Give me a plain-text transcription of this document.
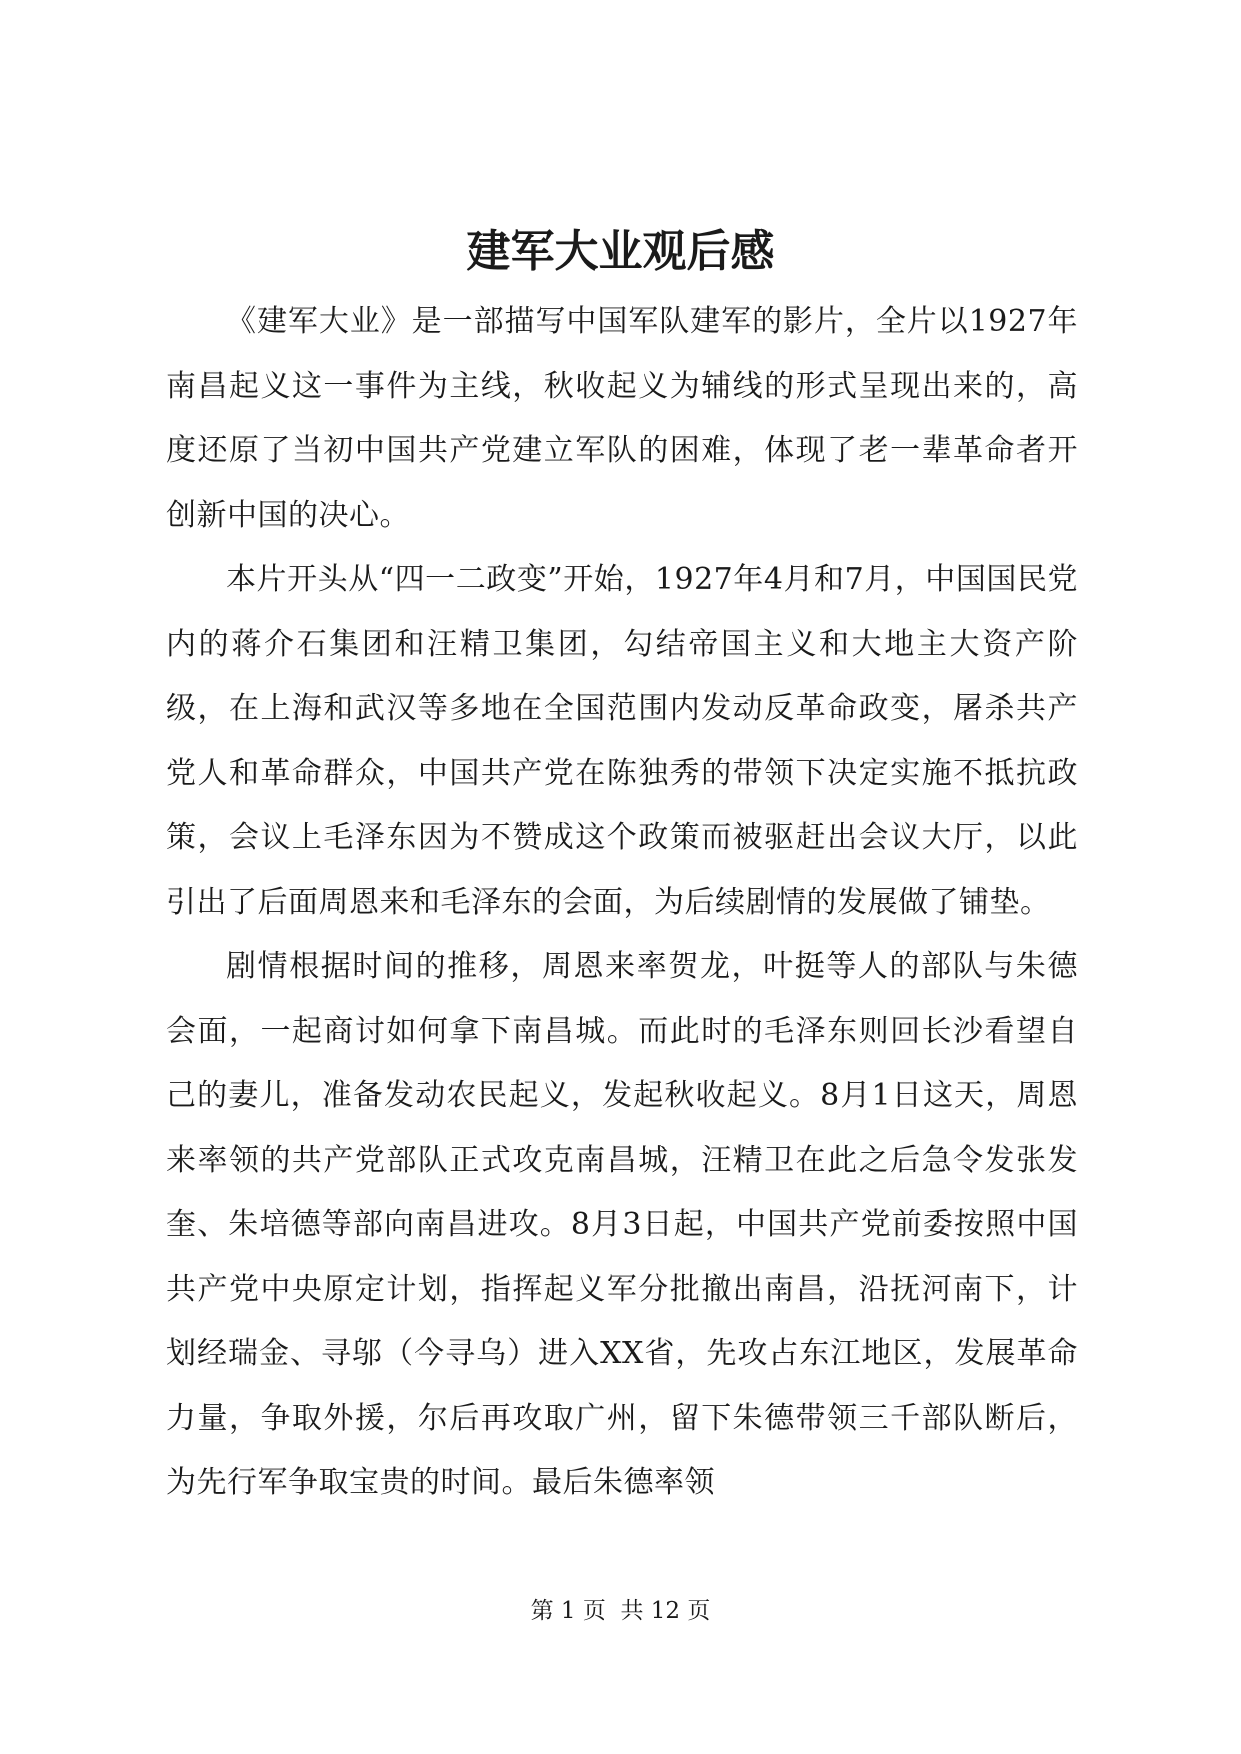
建军大业观后感

《建军大业》是一部描写中国军队建军的影片，全片以1927年南昌起义这一事件为主线，秋收起义为辅线的形式呈现出来的，高度还原了当初中国共产党建立军队的困难，体现了老一辈革命者开创新中国的决心。

本片开头从“四一二政变”开始，1927年4月和7月，中国国民党内的蒋介石集团和汪精卫集团，勾结帝国主义和大地主大资产阶级，在上海和武汉等多地在全国范围内发动反革命政变，屠杀共产党人和革命群众，中国共产党在陈独秀的带领下决定实施不抵抗政策，会议上毛泽东因为不赞成这个政策而被驱赶出会议大厅，以此引出了后面周恩来和毛泽东的会面，为后续剧情的发展做了铺垫。

剧情根据时间的推移，周恩来率贺龙，叶挺等人的部队与朱德会面，一起商讨如何拿下南昌城。而此时的毛泽东则回长沙看望自己的妻儿，准备发动农民起义，发起秋收起义。8月1日这天，周恩来率领的共产党部队正式攻克南昌城，汪精卫在此之后急令发张发奎、朱培德等部向南昌进攻。8月3日起，中国共产党前委按照中国共产党中央原定计划，指挥起义军分批撤出南昌，沿抚河南下，计划经瑞金、寻邬（今寻乌）进入XX省，先攻占东江地区，发展革命力量，争取外援，尔后再攻取广州，留下朱德带领三千部队断后，为先行军争取宝贵的时间。最后朱德率领

第 1 页  共 12 页
